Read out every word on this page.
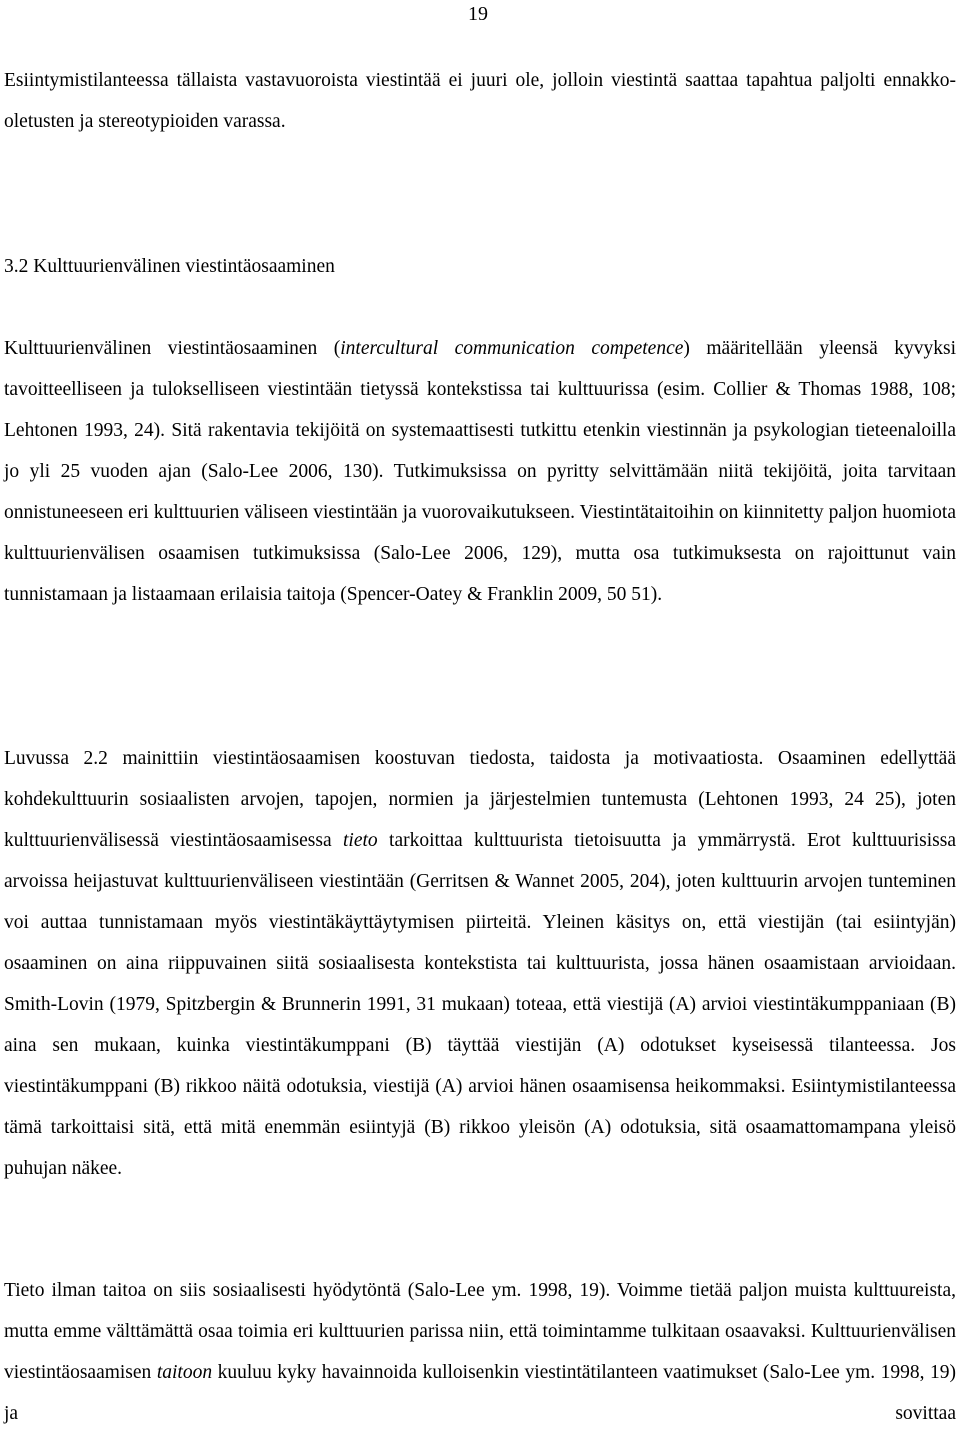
19

Esiintymistilanteessa tällaista vastavuoroista viestintää ei juuri ole, jolloin viestintä saattaa tapahtua paljolti ennakko-oletusten ja stereotypioiden varassa.

3.2 Kulttuurienvälinen viestintäosaaminen

Kulttuurienvälinen viestintäosaaminen (intercultural communication competence) määritellään yleensä kyvyksi tavoitteelliseen ja tulokselliseen viestintään tietyssä kontekstissa tai kulttuurissa (esim. Collier & Thomas 1988, 108; Lehtonen 1993, 24). Sitä rakentavia tekijöitä on systemaattisesti tutkittu etenkin viestinnän ja psykologian tieteenaloilla jo yli 25 vuoden ajan (Salo-Lee 2006, 130). Tutkimuksissa on pyritty selvittämään niitä tekijöitä, joita tarvitaan onnistuneeseen eri kulttuurien väliseen viestintään ja vuorovaikutukseen. Viestintätaitoihin on kiinnitetty paljon huomiota kulttuurienvälisen osaamisen tutkimuksissa (Salo-Lee 2006, 129), mutta osa tutkimuksesta on rajoittunut vain tunnistamaan ja listaamaan erilaisia taitoja (Spencer-Oatey & Franklin 2009, 50 51).

Luvussa 2.2 mainittiin viestintäosaamisen koostuvan tiedosta, taidosta ja motivaatiosta. Osaaminen edellyttää kohdekulttuurin sosiaalisten arvojen, tapojen, normien ja järjestelmien tuntemusta (Lehtonen 1993, 24 25), joten kulttuurienvälisessä viestintäosaamisessa tieto tarkoittaa kulttuurista tietoisuutta ja ymmärrystä. Erot kulttuurisissa arvoissa heijastuvat kulttuurienväliseen viestintään (Gerritsen & Wannet 2005, 204), joten kulttuurin arvojen tunteminen voi auttaa tunnistamaan myös viestintäkäyttäytymisen piirteitä. Yleinen käsitys on, että viestijän (tai esiintyjän) osaaminen on aina riippuvainen siitä sosiaalisesta kontekstista tai kulttuurista, jossa hänen osaamistaan arvioidaan. Smith-Lovin (1979, Spitzbergin & Brunnerin 1991, 31 mukaan) toteaa, että viestijä (A) arvioi viestintäkumppaniaan (B) aina sen mukaan, kuinka viestintäkumppani (B) täyttää viestijän (A) odotukset kyseisessä tilanteessa. Jos viestintäkumppani (B) rikkoo näitä odotuksia, viestijä (A) arvioi hänen osaamisensa heikommaksi. Esiintymistilanteessa tämä tarkoittaisi sitä, että mitä enemmän esiintyjä (B) rikkoo yleisön (A) odotuksia, sitä osaamattomampana yleisö puhujan näkee.

Tieto ilman taitoa on siis sosiaalisesti hyödytöntä (Salo-Lee ym. 1998, 19). Voimme tietää paljon muista kulttuureista, mutta emme välttämättä osaa toimia eri kulttuurien parissa niin, että toimintamme tulkitaan osaavaksi. Kulttuurienvälisen viestintäosaamisen taitoon kuuluu kyky havainnoida kulloisenkin viestintätilanteen vaatimukset (Salo-Lee ym. 1998, 19) ja sovittaa
